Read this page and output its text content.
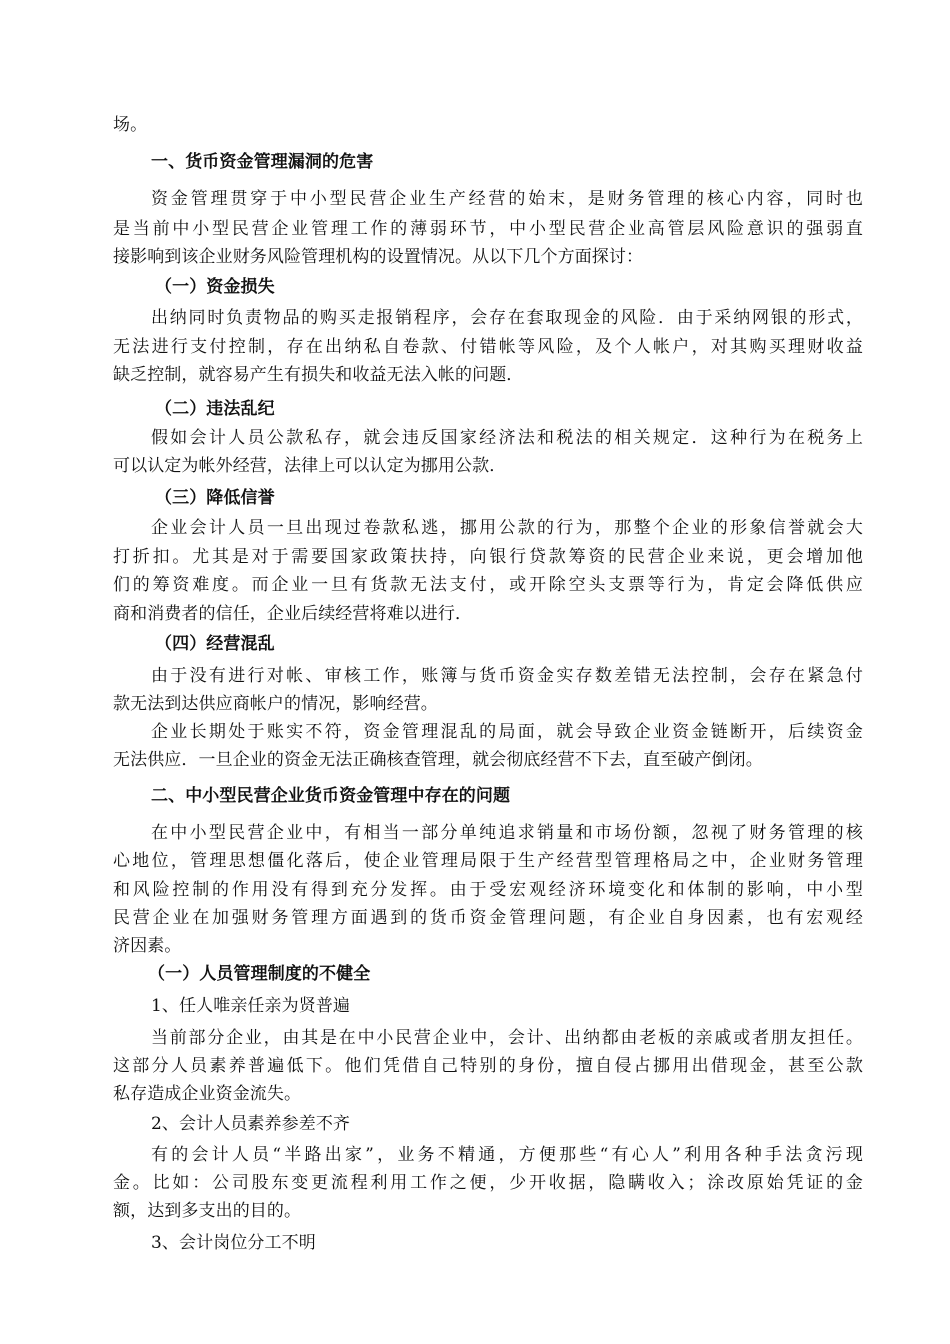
场。
一、货币资金管理漏洞的危害
资金管理贯穿于中小型民营企业生产经营的始末，是财务管理的核心内容，同时也
是当前中小型民营企业管理工作的薄弱环节，中小型民营企业高管层风险意识的强弱直
接影响到该企业财务风险管理机构的设置情况。从以下几个方面探讨：
（一）资金损失
出纳同时负责物品的购买走报销程序，会存在套取现金的风险．由于采纳网银的形式，
无法进行支付控制，存在出纳私自卷款、付错帐等风险，及个人帐户，对其购买理财收益
缺乏控制，就容易产生有损失和收益无法入帐的问题．
（二）违法乱纪
假如会计人员公款私存，就会违反国家经济法和税法的相关规定．这种行为在税务上
可以认定为帐外经营，法律上可以认定为挪用公款．
（三）降低信誉
企业会计人员一旦出现过卷款私逃，挪用公款的行为，那整个企业的形象信誉就会大
打折扣。尤其是对于需要国家政策扶持，向银行贷款筹资的民营企业来说，更会增加他
们的筹资难度。而企业一旦有货款无法支付，或开除空头支票等行为，肯定会降低供应
商和消费者的信任，企业后续经营将难以进行．
（四）经营混乱
由于没有进行对帐、审核工作，账簿与货币资金实存数差错无法控制，会存在紧急付
款无法到达供应商帐户的情况，影响经营。
企业长期处于账实不符，资金管理混乱的局面，就会导致企业资金链断开，后续资金
无法供应．一旦企业的资金无法正确核查管理，就会彻底经营不下去，直至破产倒闭。
二、中小型民营企业货币资金管理中存在的问题
在中小型民营企业中，有相当一部分单纯追求销量和市场份额，忽视了财务管理的核
心地位，管理思想僵化落后，使企业管理局限于生产经营型管理格局之中，企业财务管理
和风险控制的作用没有得到充分发挥。由于受宏观经济环境变化和体制的影响，中小型
民营企业在加强财务管理方面遇到的货币资金管理问题，有企业自身因素，也有宏观经
济因素。
（一）人员管理制度的不健全
1、任人唯亲任亲为贤普遍
当前部分企业，由其是在中小民营企业中，会计、出纳都由老板的亲戚或者朋友担任。
这部分人员素养普遍低下。他们凭借自己特别的身份，擅自侵占挪用出借现金，甚至公款
私存造成企业资金流失。
2、会计人员素养参差不齐
有的会计人员“半路出家”，业务不精通，方便那些“有心人”利用各种手法贪污现
金。比如：公司股东变更流程利用工作之便，少开收据，隐瞒收入；涂改原始凭证的金
额，达到多支出的目的。
3、会计岗位分工不明
